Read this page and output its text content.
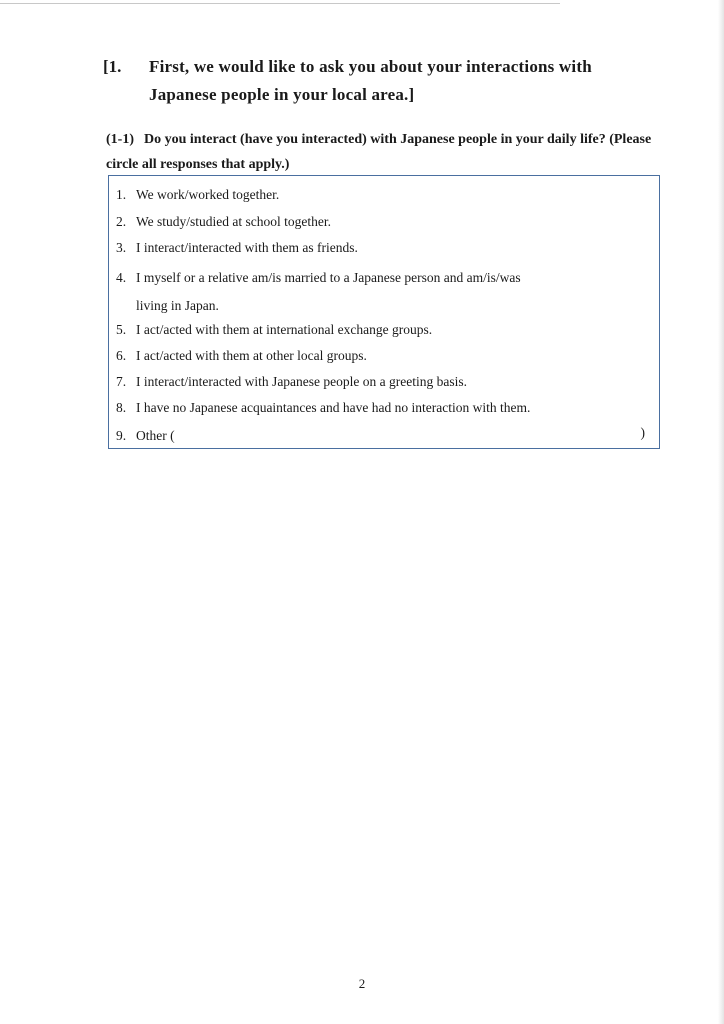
[1. First, we would like to ask you about your interactions with Japanese people in your local area.]
(1-1) Do you interact (have you interacted) with Japanese people in your daily life? (Please circle all responses that apply.)
1. We work/worked together.
2. We study/studied at school together.
3. I interact/interacted with them as friends.
4. I myself or a relative am/is married to a Japanese person and am/is/was
living in Japan.
5. I act/acted with them at international exchange groups.
6. I act/acted with them at other local groups.
7. I interact/interacted with Japanese people on a greeting basis.
8. I have no Japanese acquaintances and have had no interaction with them.
9. Other (	)
2
